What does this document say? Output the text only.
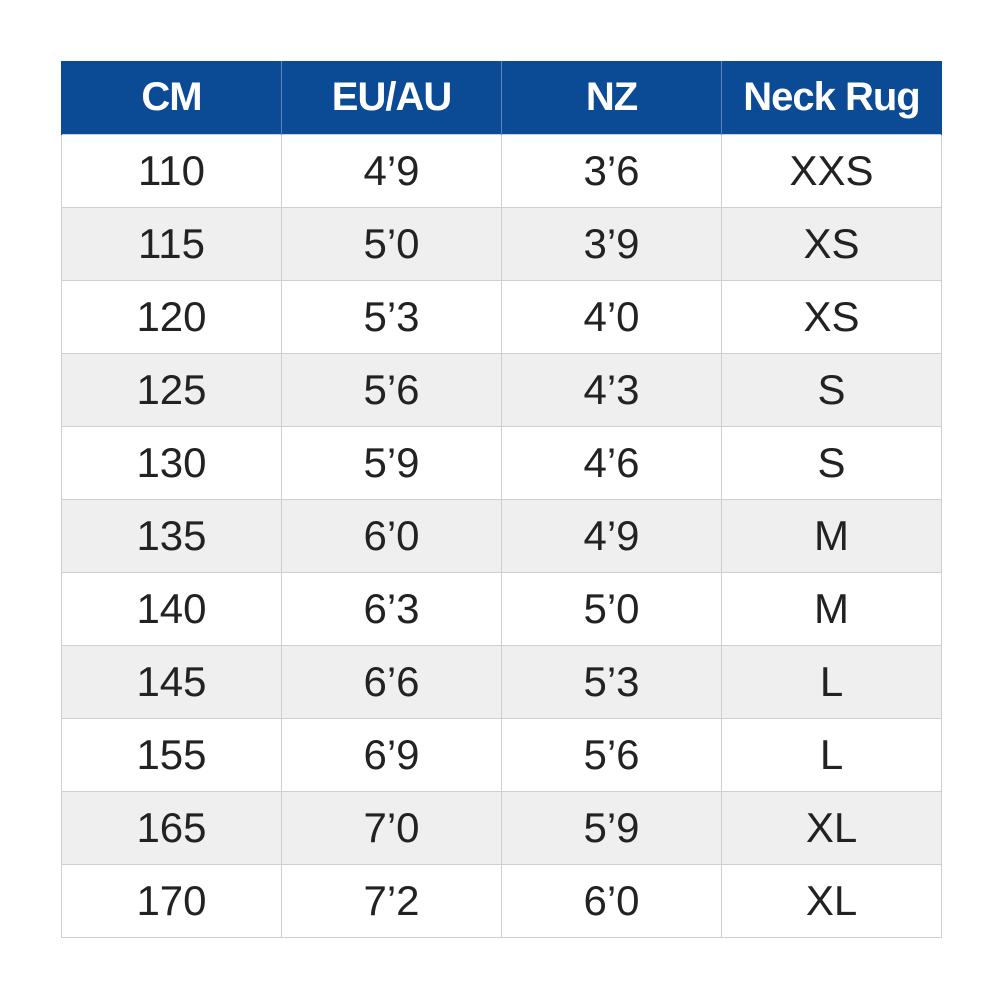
CM	EU/AU	NZ	Neck Rug
110	4’9	3’6	XXS
115	5’0	3’9	XS
120	5’3	4’0	XS
125	5’6	4’3	S
130	5’9	4’6	S
135	6’0	4’9	M
140	6’3	5’0	M
145	6’6	5’3	L
155	6’9	5’6	L
165	7’0	5’9	XL
170	7’2	6’0	XL
